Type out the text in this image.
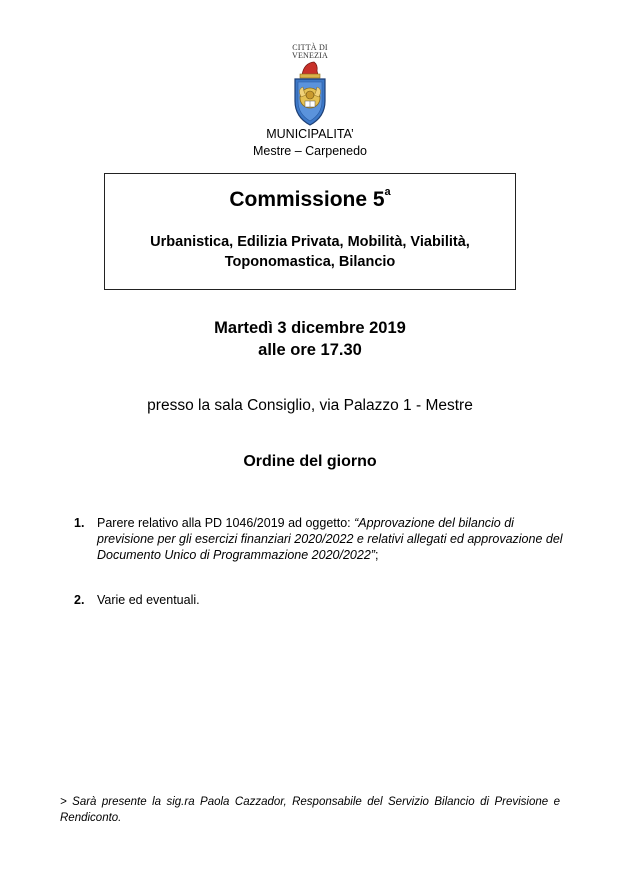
CITTÀ DI
VENEZIA
MUNICIPALITA’
Mestre – Carpenedo
Commissione 5$^a$
Urbanistica, Edilizia Privata, Mobilità, Viabilità,
Toponomastica, Bilancio
Martedì 3 dicembre 2019
alle ore 17.30
presso la sala Consiglio, via Palazzo 1 - Mestre
Ordine del giorno
1. Parere relativo alla PD 1046/2019 ad oggetto: “Approvazione del bilancio di previsione per gli esercizi finanziari 2020/2022 e relativi allegati ed approvazione del Documento Unico di Programmazione 2020/2022”;
2. Varie ed eventuali.
> Sarà presente la sig.ra Paola Cazzador, Responsabile del Servizio Bilancio di Previsione e Rendiconto.
